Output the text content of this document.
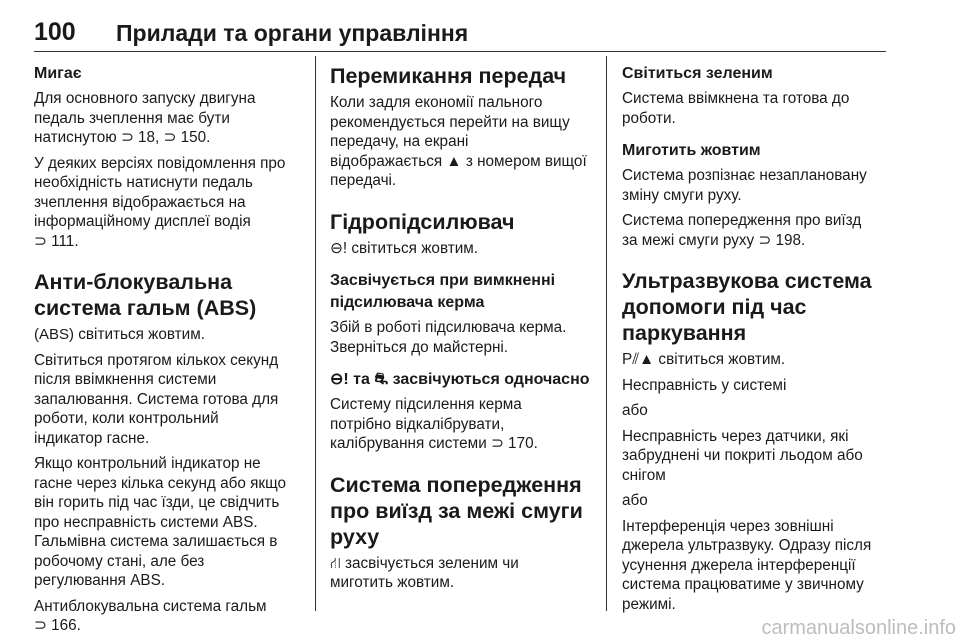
100 Прилади та органи управління
Мигає
Для основного запуску двигуна
педаль зчеплення має бути
натиснутою ⊃ 18, ⊃ 150.
У деяких версіях повідомлення про
необхідність натиснути педаль
зчеплення відображається на
інформаційному дисплеї водія
⊃ 111.
Анти-блокувальна
система гальм (ABS)
(ABS) світиться жовтим.
Світиться протягом кількох секунд
після ввімкнення системи
запалювання. Система готова для
роботи, коли контрольний
індикатор гасне.
Якщо контрольний індикатор не
гасне через кілька секунд або якщо
він горить під час їзди, це свідчить
про несправність системи ABS.
Гальмівна система залишається в
робочому стані, але без
регулювання ABS.
Антиблокувальна система гальм
⊃ 166.
Перемикання передач
Коли задля економії пального
рекомендується перейти на вищу
передачу, на екрані
відображається ▲ з номером вищої
передачі.
Гідропідсилювач
⊖! світиться жовтим.
Засвічується при вимкненні
підсилювача керма
Збій в роботі підсилювача керма.
Зверніться до майстерні.
⊖! та ⛐ засвічуються одночасно
Систему підсилення керма
потрібно відкалібрувати,
калібрування системи ⊃ 170.
Система попередження
про виїзд за межі смуги
руху
⛙ засвічується зеленим чи
миготить жовтим.
Світиться зеленим
Система ввімкнена та готова до
роботи.
Миготить жовтим
Система розпізнає незаплановану
зміну смуги руху.
Система попередження про виїзд
за межі смуги руху ⊃ 198.
Ультразвукова система
допомоги під час
паркування
P⫽▲ світиться жовтим.
Несправність у системі
або
Несправність через датчики, які
забруднені чи покриті льодом або
снігом
або
Інтерференція через зовнішні
джерела ультразвуку. Одразу після
усунення джерела інтерференції
система працюватиме у звичному
режимі.
carmanualsonline.info
